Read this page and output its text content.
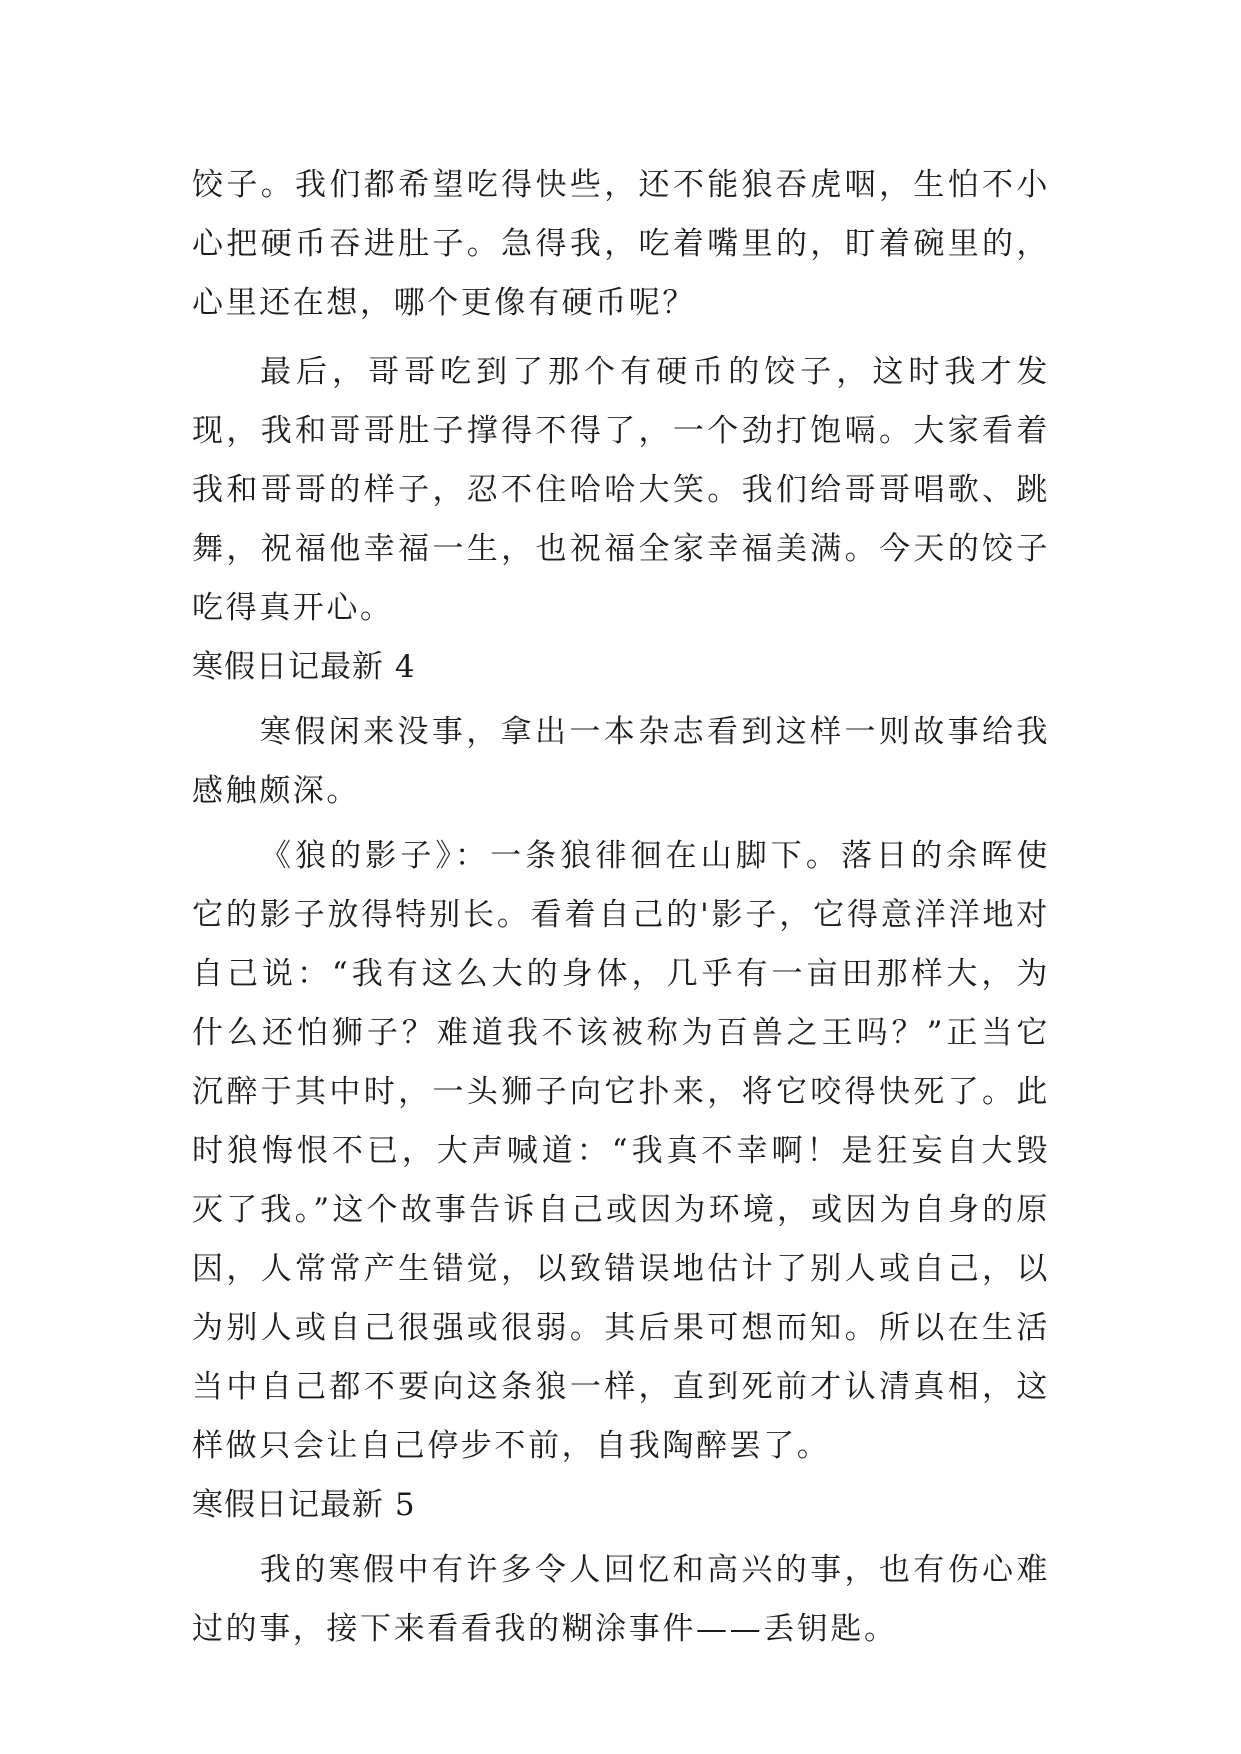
饺子。我们都希望吃得快些，还不能狼吞虎咽，生怕不小心把硬币吞进肚子。急得我，吃着嘴里的，盯着碗里的，心里还在想，哪个更像有硬币呢？

最后，哥哥吃到了那个有硬币的饺子，这时我才发现，我和哥哥肚子撑得不得了，一个劲打饱嗝。大家看着我和哥哥的样子，忍不住哈哈大笑。我们给哥哥唱歌、跳舞，祝福他幸福一生，也祝福全家幸福美满。今天的饺子吃得真开心。

寒假日记最新 4

寒假闲来没事，拿出一本杂志看到这样一则故事给我感触颇深。

《狼的影子》：一条狼徘徊在山脚下。落日的余晖使它的影子放得特别长。看着自己的'影子，它得意洋洋地对自己说：“我有这么大的身体，几乎有一亩田那样大，为什么还怕狮子？难道我不该被称为百兽之王吗？”正当它沉醉于其中时，一头狮子向它扑来，将它咬得快死了。此时狼悔恨不已，大声喊道：“我真不幸啊！是狂妄自大毁灭了我。”这个故事告诉自己或因为环境，或因为自身的原因，人常常产生错觉，以致错误地估计了别人或自己，以为别人或自己很强或很弱。其后果可想而知。所以在生活当中自己都不要向这条狼一样，直到死前才认清真相，这样做只会让自己停步不前，自我陶醉罢了。

寒假日记最新 5

我的寒假中有许多令人回忆和高兴的事，也有伤心难过的事，接下来看看我的糊涂事件——丢钥匙。
